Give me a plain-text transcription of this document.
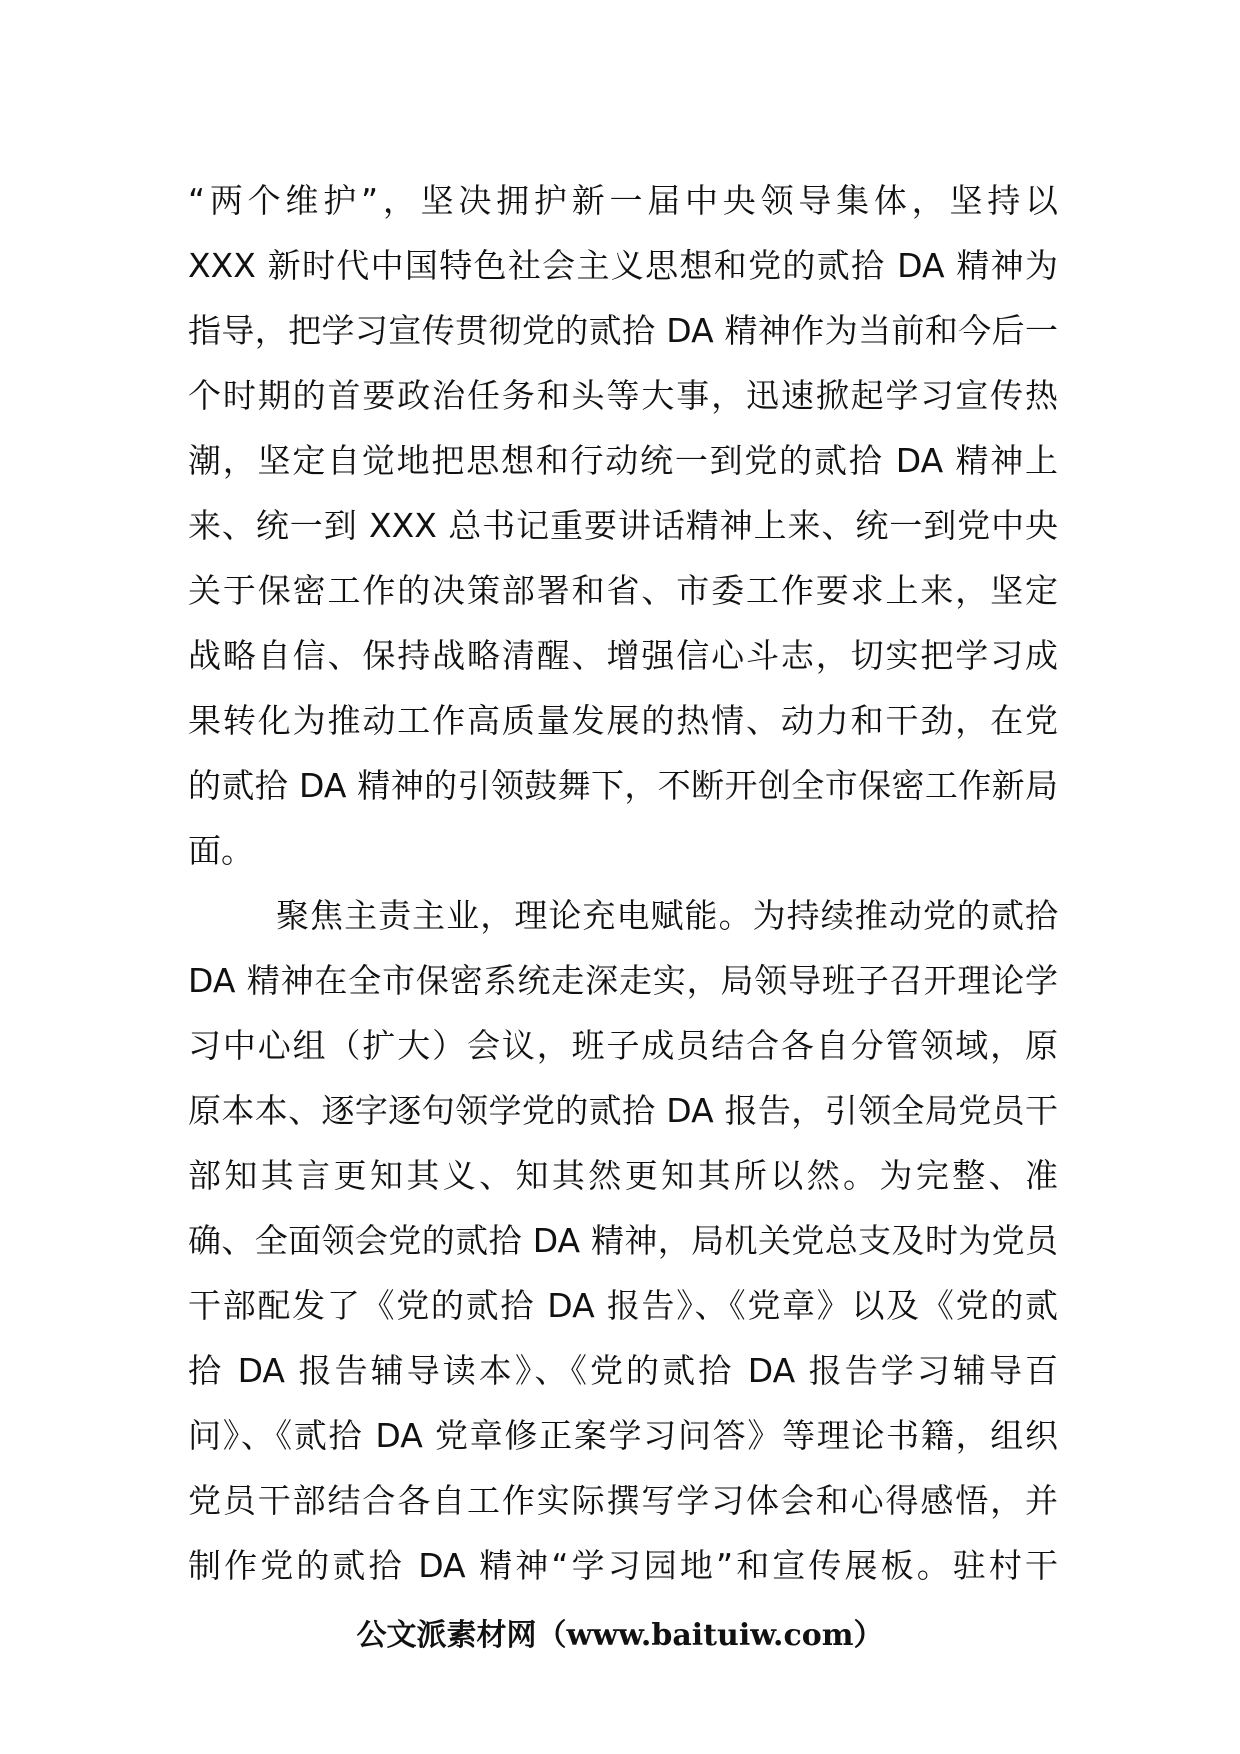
“两个维护”，坚决拥护新一届中央领导集体，坚持以
XXX 新时代中国特色社会主义思想和党的贰拾 DA 精神为
指导，把学习宣传贯彻党的贰拾 DA 精神作为当前和今后一
个时期的首要政治任务和头等大事，迅速掀起学习宣传热
潮，坚定自觉地把思想和行动统一到党的贰拾 DA 精神上
来、统一到 XXX 总书记重要讲话精神上来、统一到党中央
关于保密工作的决策部署和省、市委工作要求上来，坚定
战略自信、保持战略清醒、增强信心斗志，切实把学习成
果转化为推动工作高质量发展的热情、动力和干劲，在党
的贰拾 DA 精神的引领鼓舞下，不断开创全市保密工作新局
面。
聚焦主责主业，理论充电赋能。为持续推动党的贰拾
DA 精神在全市保密系统走深走实，局领导班子召开理论学
习中心组（扩大）会议，班子成员结合各自分管领域，原
原本本、逐字逐句领学党的贰拾 DA 报告，引领全局党员干
部知其言更知其义、知其然更知其所以然。为完整、准
确、全面领会党的贰拾 DA 精神，局机关党总支及时为党员
干部配发了《党的贰拾 DA 报告》、《党章》以及《党的贰
拾 DA 报告辅导读本》、《党的贰拾 DA 报告学习辅导百
问》、《贰拾 DA 党章修正案学习问答》等理论书籍，组织
党员干部结合各自工作实际撰写学习体会和心得感悟，并
制作党的贰拾 DA 精神“学习园地”和宣传展板。驻村干
公文派素材网（www.baituiw.com）
